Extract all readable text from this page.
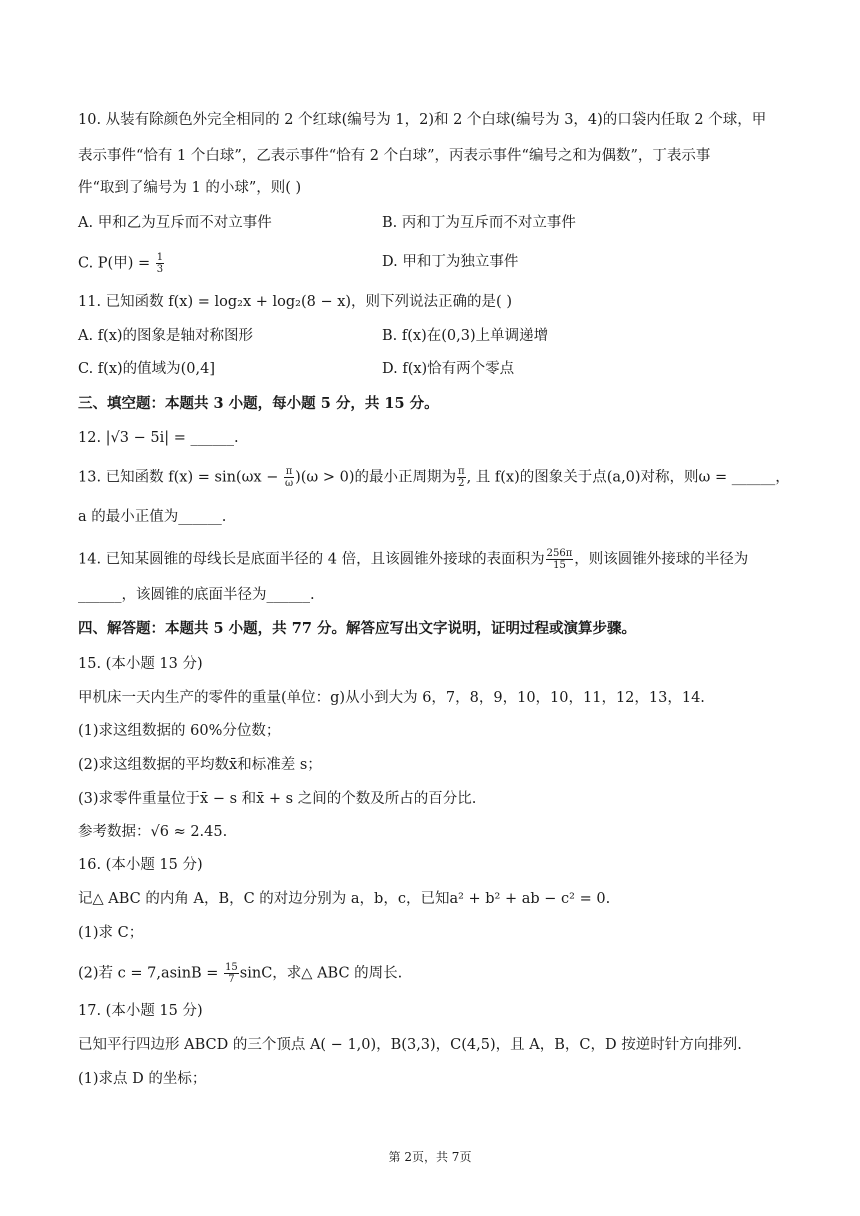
10. 从装有除颜色外完全相同的 2 个红球(编号为 1，2)和 2 个白球(编号为 3，4)的口袋内任取 2 个球，甲
表示事件“恰有 1 个白球”，乙表示事件“恰有 2 个白球”，丙表示事件“编号之和为偶数”，丁表示事
件“取到了编号为 1 的小球”，则( )
A. 甲和乙为互斥而不对立事件	B. 丙和丁为互斥而不对立事件
C. P(甲) = $\frac{1}{3}$	D. 甲和丁为独立事件
11. 已知函数 f(x) = log₂x + log₂(8 − x)，则下列说法正确的是( )
A. f(x)的图象是轴对称图形	B. f(x)在(0,3)上单调递增
C. f(x)的值域为(0,4]	D. f(x)恰有两个零点
三、填空题：本题共 3 小题，每小题 5 分，共 15 分。
12. |√3 − 5i| = ______.
13. 已知函数 $f(x) = \sin(\omega x - \frac{\pi}{\omega} )(\omega > 0)$的最小正周期为 $\frac{\pi}{2}$ , 且 f(x)的图象关于点(a,0)对称，则ω = ______，
a 的最小正值为______.
14. 已知某圆锥的母线长是底面半径的 4 倍，且该圆锥外接球的表面积为 $\frac{256\pi}{15}$ ，则该圆锥外接球的半径为
______，该圆锥的底面半径为______.
四、解答题：本题共 5 小题，共 77 分。解答应写出文字说明，证明过程或演算步骤。
15. (本小题 13 分)
甲机床一天内生产的零件的重量(单位：g)从小到大为 6，7，8，9，10，10，11，12，13，14.
(1)求这组数据的 60%分位数；
(2)求这组数据的平均数x̄和标准差 s；
(3)求零件重量位于x̄ − s 和x̄ + s 之间的个数及所占的百分比.
参考数据：√6 ≈ 2.45.
16. (本小题 15 分)
记△ ABC 的内角 A，B，C 的对边分别为 a，b，c，已知a² + b² + ab − c² = 0.
(1)求 C；
(2)若 $c = 7,asinB = \frac{15}{7}$ sinC，求△ ABC 的周长.
17. (本小题 15 分)
已知平行四边形 ABCD 的三个顶点 A( − 1,0)，B(3,3)，C(4,5)，且 A，B，C，D 按逆时针方向排列.
(1)求点 D 的坐标；
第 2页，共 7页
